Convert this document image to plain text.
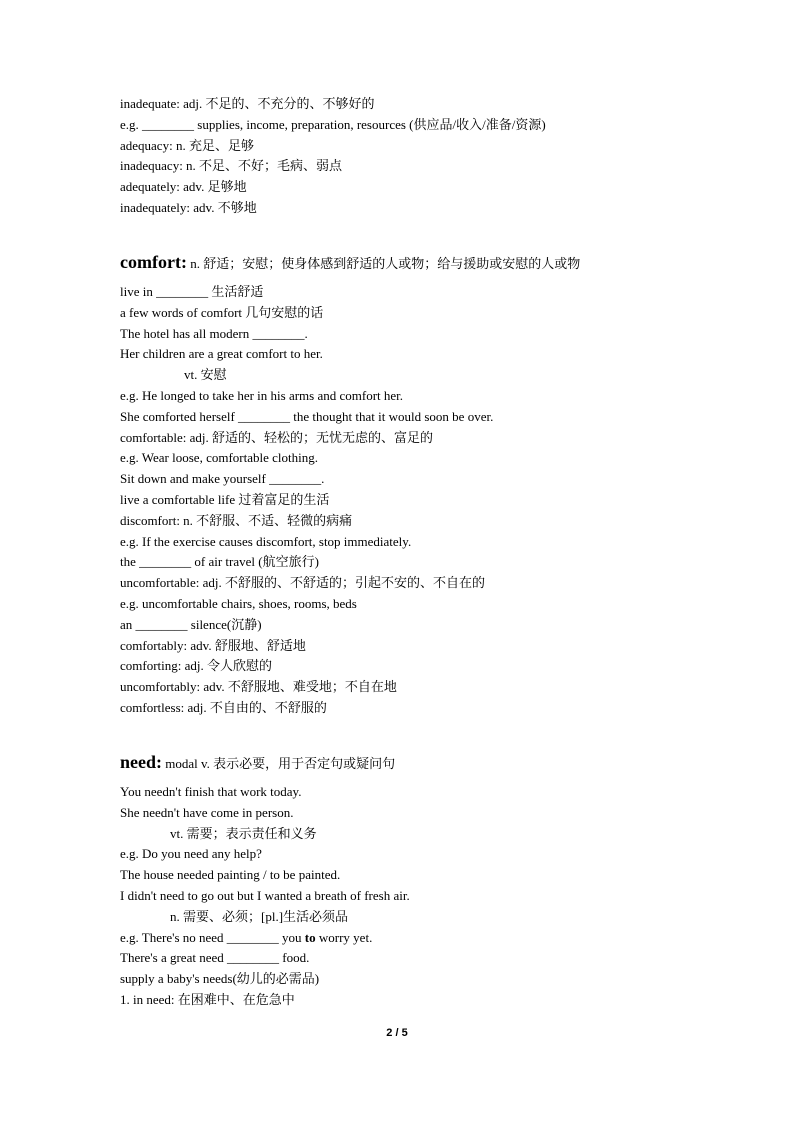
inadequate: adj. 不足的、不充分的、不够好的
e.g. ________ supplies, income, preparation, resources (供应品/收入/准备/资源)
adequacy: n. 充足、足够
inadequacy: n. 不足、不好；毛病、弱点
adequately: adv. 足够地
inadequately: adv. 不够地
comfort: n. 舒适；安慰；使身体感到舒适的人或物；给与援助或安慰的人或物
live in ________ 生活舒适
a few words of comfort 几句安慰的话
The hotel has all modern ________.
Her children are a great comfort to her.
vt. 安慰
e.g. He longed to take her in his arms and comfort her.
She comforted herself ________ the thought that it would soon be over.
comfortable: adj. 舒适的、轻松的；无忧无虑的、富足的
e.g. Wear loose, comfortable clothing.
Sit down and make yourself ________.
live a comfortable life 过着富足的生活
discomfort: n. 不舒服、不适、轻微的病痛
e.g. If the exercise causes discomfort, stop immediately.
the ________ of air travel (航空旅行)
uncomfortable: adj. 不舒服的、不舒适的；引起不安的、不自在的
e.g. uncomfortable chairs, shoes, rooms, beds
an ________ silence(沉静)
comfortably: adv. 舒服地、舒适地
comforting: adj. 令人欣慰的
uncomfortably: adv. 不舒服地、难受地；不自在地
comfortless: adj. 不自由的、不舒服的
need: modal v. 表示必要，用于否定句或疑问句
You needn't finish that work today.
She needn't have come in person.
vt. 需要；表示责任和义务
e.g. Do you need any help?
The house needed painting / to be painted.
I didn't need to go out but I wanted a breath of fresh air.
n. 需要、必须；[pl.]生活必须品
e.g. There's no need ________ you to worry yet.
There's a great need ________ food.
supply a baby's needs(幼儿的必需品)
1. in need: 在困难中、在危急中
2 / 5
